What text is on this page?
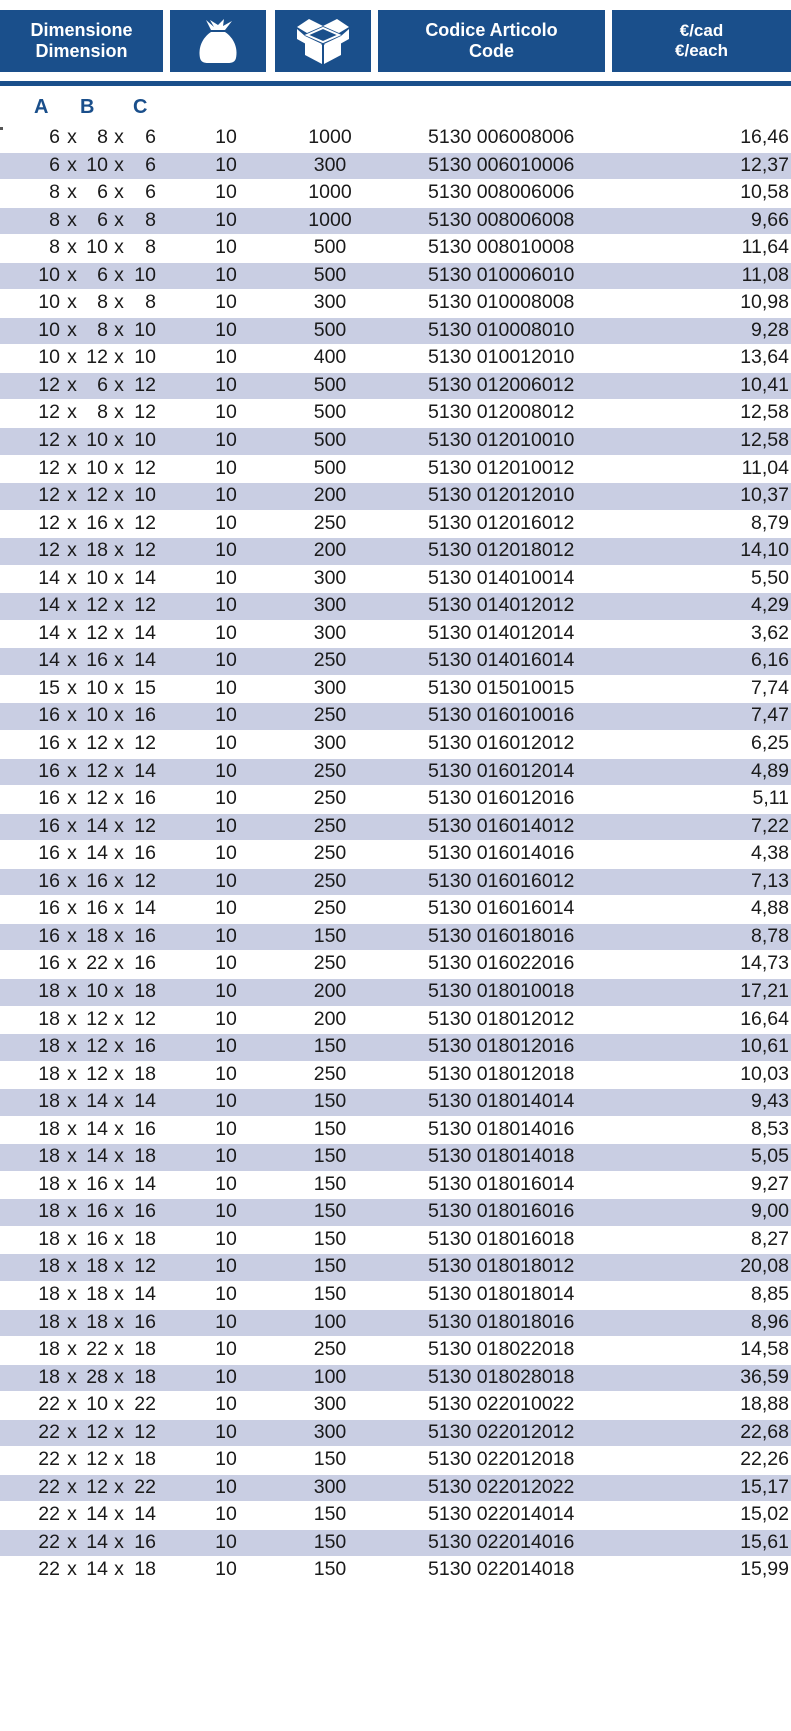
Dimensione
Dimension
Codice Articolo
Code
€/cad
€/each
A B C
6 x	8 x	6	10	1000	5130 006008006	16,46
6 x 10 x	6	10	300	5130 006010006	12,37
8 x	6 x	6	10	1000	5130 008006006	10,58
8 x	6 x	8	10	1000	5130 008006008	9,66
8 x 10 x	8	10	500	5130 008010008	11,64
10 x	6 x 10	10	500	5130 010006010	11,08
10 x	8 x	8	10	300	5130 010008008	10,98
10 x	8 x 10	10	500	5130 010008010	9,28
10 x 12 x 10	10	400	5130 010012010	13,64
12 x	6 x 12	10	500	5130 012006012	10,41
12 x	8 x 12	10	500	5130 012008012	12,58
12 x 10 x 10	10	500	5130 012010010	12,58
12 x 10 x 12	10	500	5130 012010012	11,04
12 x 12 x 10	10	200	5130 012012010	10,37
12 x 16 x 12	10	250	5130 012016012	8,79
12 x 18 x 12	10	200	5130 012018012	14,10
14 x 10 x 14	10	300	5130 014010014	5,50
14 x 12 x 12	10	300	5130 014012012	4,29
14 x 12 x 14	10	300	5130 014012014	3,62
14 x 16 x 14	10	250	5130 014016014	6,16
15 x 10 x 15	10	300	5130 015010015	7,74
16 x 10 x 16	10	250	5130 016010016	7,47
16 x 12 x 12	10	300	5130 016012012	6,25
16 x 12 x 14	10	250	5130 016012014	4,89
16 x 12 x 16	10	250	5130 016012016	5,11
16 x 14 x 12	10	250	5130 016014012	7,22
16 x 14 x 16	10	250	5130 016014016	4,38
16 x 16 x 12	10	250	5130 016016012	7,13
16 x 16 x 14	10	250	5130 016016014	4,88
16 x 18 x 16	10	150	5130 016018016	8,78
16 x 22 x 16	10	250	5130 016022016	14,73
18 x 10 x 18	10	200	5130 018010018	17,21
18 x 12 x 12	10	200	5130 018012012	16,64
18 x 12 x 16	10	150	5130 018012016	10,61
18 x 12 x 18	10	250	5130 018012018	10,03
18 x 14 x 14	10	150	5130 018014014	9,43
18 x 14 x 16	10	150	5130 018014016	8,53
18 x 14 x 18	10	150	5130 018014018	5,05
18 x 16 x 14	10	150	5130 018016014	9,27
18 x 16 x 16	10	150	5130 018016016	9,00
18 x 16 x 18	10	150	5130 018016018	8,27
18 x 18 x 12	10	150	5130 018018012	20,08
18 x 18 x 14	10	150	5130 018018014	8,85
18 x 18 x 16	10	100	5130 018018016	8,96
18 x 22 x 18	10	250	5130 018022018	14,58
18 x 28 x 18	10	100	5130 018028018	36,59
22 x 10 x 22	10	300	5130 022010022	18,88
22 x 12 x 12	10	300	5130 022012012	22,68
22 x 12 x 18	10	150	5130 022012018	22,26
22 x 12 x 22	10	300	5130 022012022	15,17
22 x 14 x 14	10	150	5130 022014014	15,02
22 x 14 x 16	10	150	5130 022014016	15,61
22 x 14 x 18	10	150	5130 022014018	15,99
